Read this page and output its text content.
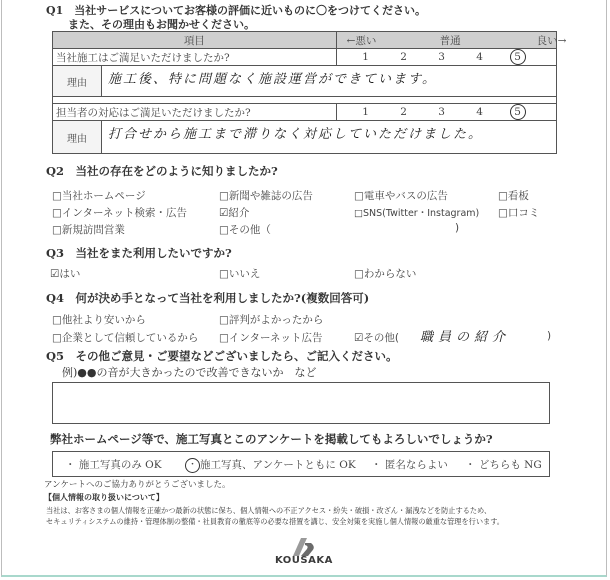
Q1　当社サービスについてお客様の評価に近いものに〇をつけてください。
また、その理由もお聞かせください。
項目		←悪い 普通 良い→

当社施工はご満足いただけましたか?		1 2 3 4 5
理由	施工後、特に問題なく施設運営ができています。	

担当者の対応はご満足いただけましたか?		1 2 3 4 5
理由	打合せから施工まで滞りなく対応していただけました。	
Q2　当社の存在をどのように知りましたか?
□当社ホームページ	□新聞や雑誌の広告	□電車やバスの広告	□看板
□インターネット検索・広告	☑紹介	□SNS(Twitter・Instagram) □口コミ
□新規訪問営業	□その他（	)
Q3　当社をまた利用したいですか?
☑はい	□いいえ	□わからない
Q4　何が決め手となって当社を利用しましたか?(複数回答可)
□他社より安いから	□評判がよかったから
□企業として信頼しているから □インターネット広告	☑その他( 職員の紹介	)
Q5　その他ご意見・ご要望などございましたら、ご記入ください。
例)●●の音が大きかったので改善できないか　など
弊社ホームページ等で、施工写真とこのアンケートを掲載してもよろしいでしょうか?
・ 施工写真のみ OK	・ 施工写真、アンケートともに OK ・ 匿名ならよい ・ どちらも NG
アンケートへのご協力ありがとうございました。
【個人情報の取り扱いについて】
当社は、お客さまの個人情報を正確かつ最新の状態に保ち、個人情報への不正アクセス・紛失・破損・改ざん・漏洩などを防止するため、
セキュリティシステムの維持・管理体制の整備・社員教育の徹底等の必要な措置を講じ、安全対策を実施し個人情報の厳重な管理を行います。
KOUSAKA
